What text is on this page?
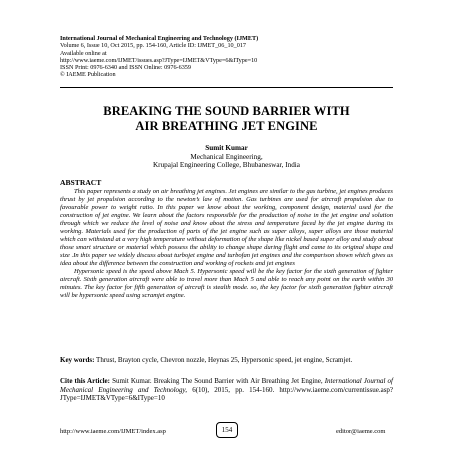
International Journal of Mechanical Engineering and Technology (IJMET)
Volume 6, Issue 10, Oct 2015, pp. 154-160, Article ID: IJMET_06_10_017
Available online at
http://www.iaeme.com/IJMET/issues.asp?JType=IJMET&VType=6&IType=10
ISSN Print: 0976-6340 and ISSN Online: 0976-6359
© IAEME Publication
BREAKING THE SOUND BARRIER WITH
AIR BREATHING JET ENGINE
Sumit Kumar
Mechanical Engineering,
Krupajal Engineering College, Bhubaneswar, India
ABSTRACT

This paper represents a study on air breathing jet engines. Jet engines are similar to the gas turbine, jet engines produces thrust by jet propulsion according to the newton’s law of motion. Gas turbines are used for aircraft propulsion due to favourable power to weight ratio. In this paper we know about the working, component design, material used for the construction of jet engine. We learn about the factors responsible for the production of noise in the jet engine and solution through which we reduce the level of noise and know about the stress and temperature faced by the jet engine during its working. Materials used for the production of parts of the jet engine such as super alloys, super alloys are those material which can withstand at a very high temperature without deformation of the shape like nickel based super alloy and study about those smart structure or material which possess the ability to change shape during flight and came to its original shape and size .In this paper we widely discuss about turbojet engine and turbofan jet engines and the comparison shown which gives us idea about the difference between the construction and working of rockets and jet engines

Hypersonic speed is the speed above Mach 5. Hypersonic speed will be the key factor for the sixth generation of fighter aircraft. Sixth generation aircraft were able to travel more than Mach 5 and able to reach any point on the earth within 30 minutes. The key factor for fifth generation of aircraft is stealth mode. so, the key factor for sixth generation fighter aircraft will be hypersonic speed using scramjet engine.

Key words: Thrust, Brayton cycle, Chevron nozzle, Heynas 25, Hypersonic speed, jet engine, Scramjet.
Cite this Article: Sumit Kumar. Breaking The Sound Barrier with Air Breathing Jet Engine, International Journal of Mechanical Engineering and Technology, 6(10), 2015, pp. 154-160. http://www.iaeme.com/currentissue.asp?JType=IJMET&VType=6&IType=10
http://www.iaeme.com/IJMET/index.asp	154	editor@iaeme.com
